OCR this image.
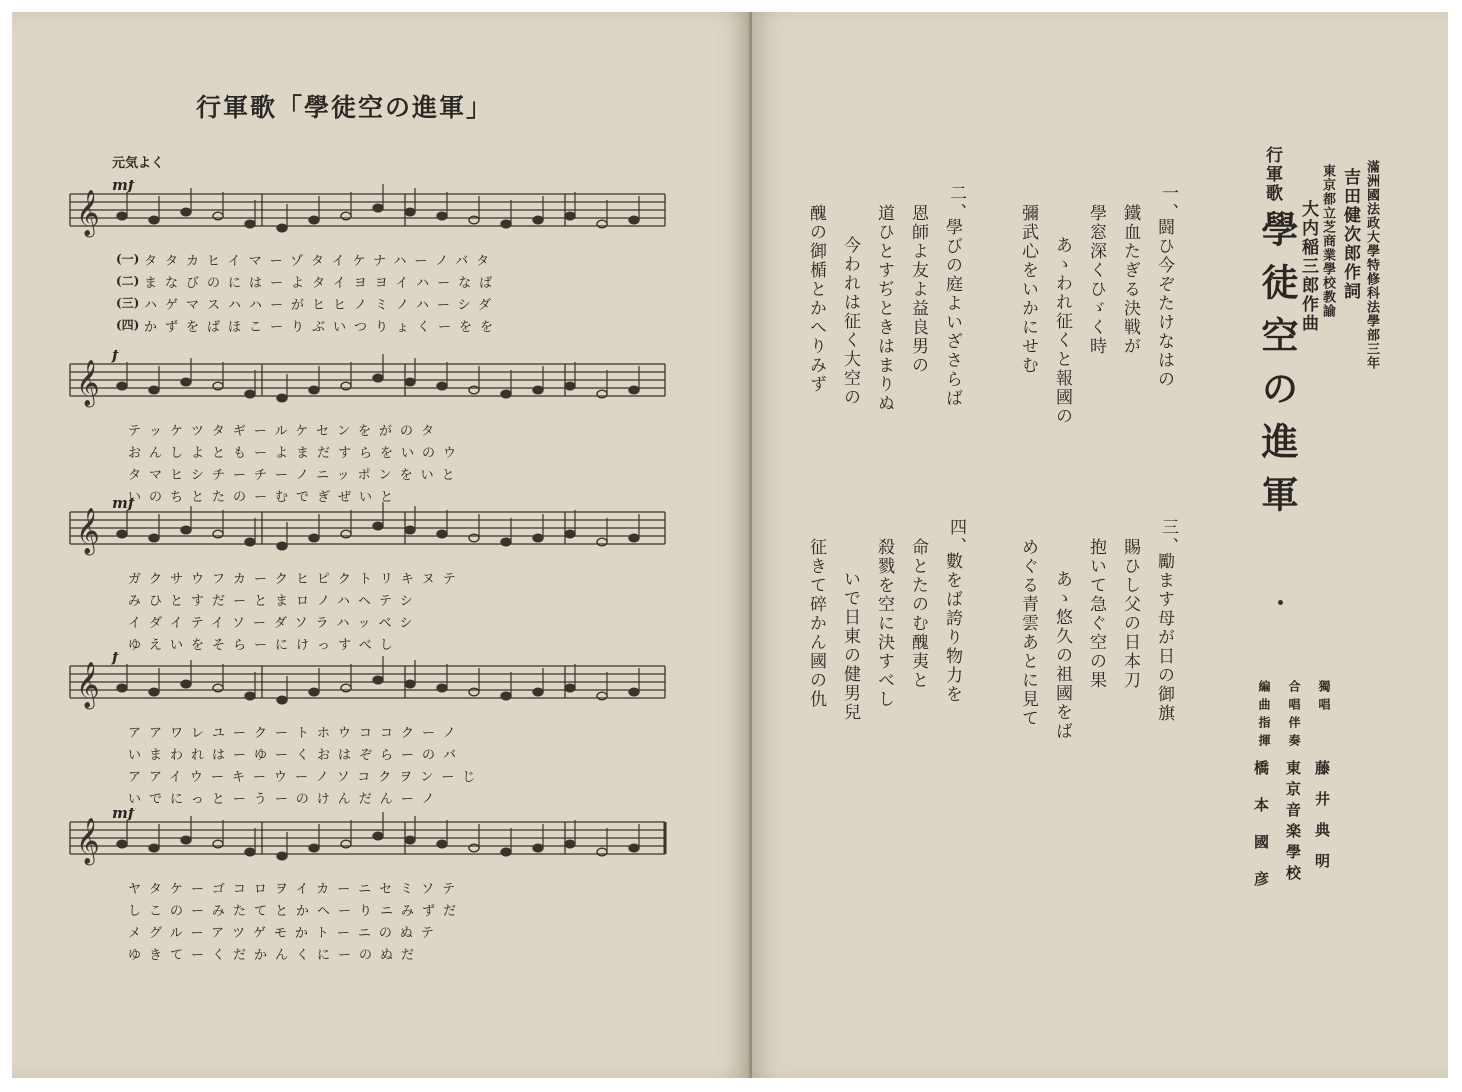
行軍歌「學徒空の進軍」
𝄞
mf
元気よく
(一) タタカヒイマーゾタイケナハーノバタ
(二) まなびのにはーよタイヨヨイハーなば
(三) ハゲマスハハーがヒヒノミノハーシダ
(四) かずをばほこーりぶいつりょくーをを
𝄞
f
テッケツタギールケセンをがのタ
おんしよともーよまだすらをいのウ
タマヒシチーチーノニッポンをいと
いのちとたのーむでぎぜいと
𝄞
mf
ガクサウフカークヒピクトリキヌテ
みひとすだーとまロノハヘテシ
イダイテイソーダソラハッベシ
ゆえいをそらーにけっすべし
𝄞
f
アアワレユークートホウココクーノ
いまわれはーゆーくおはぞらーのバ
アアイウーキーウーノソコクヲンーじ
いでにっとーうーのけんだんーノ
𝄞
mf
ヤタケーゴコロヲイカーニセミソテ
しこのーみたてとかヘーりニみずだ
メグルーアツゲモかトーニのぬテ
ゆきてーくだかんくにーのぬだ
滿洲國法政大學特修科法學部三年
吉田健次郎作詞
東京都立芝商業學校教諭
大内稲三郎作曲
行軍歌
學徒空の進軍
一、
闘ひ今ぞたけなはの
鐵血たぎる決戦が
學窓深くひゞく時
あゝわれ征くと報國の
彌武心をいかにせむ
二、
學びの庭よいざさらば
恩師よ友よ益良男の
道ひとすぢときはまりぬ
今われは征く大空の
醜の御楯とかへりみず
三、
勵ます母が日の御旗
賜ひし父の日本刀
抱いて急ぐ空の果
あゝ悠久の祖國をば
めぐる青雲あとに見て
四、
數をば誇り物力を
命とたのむ醜夷と
殺戮を空に決すべし
いで日東の健男兒
征きて碎かん國の仇	獨唱
合唱伴奏
編曲指揮
藤井典明
東京音楽學校
橋本國彦
